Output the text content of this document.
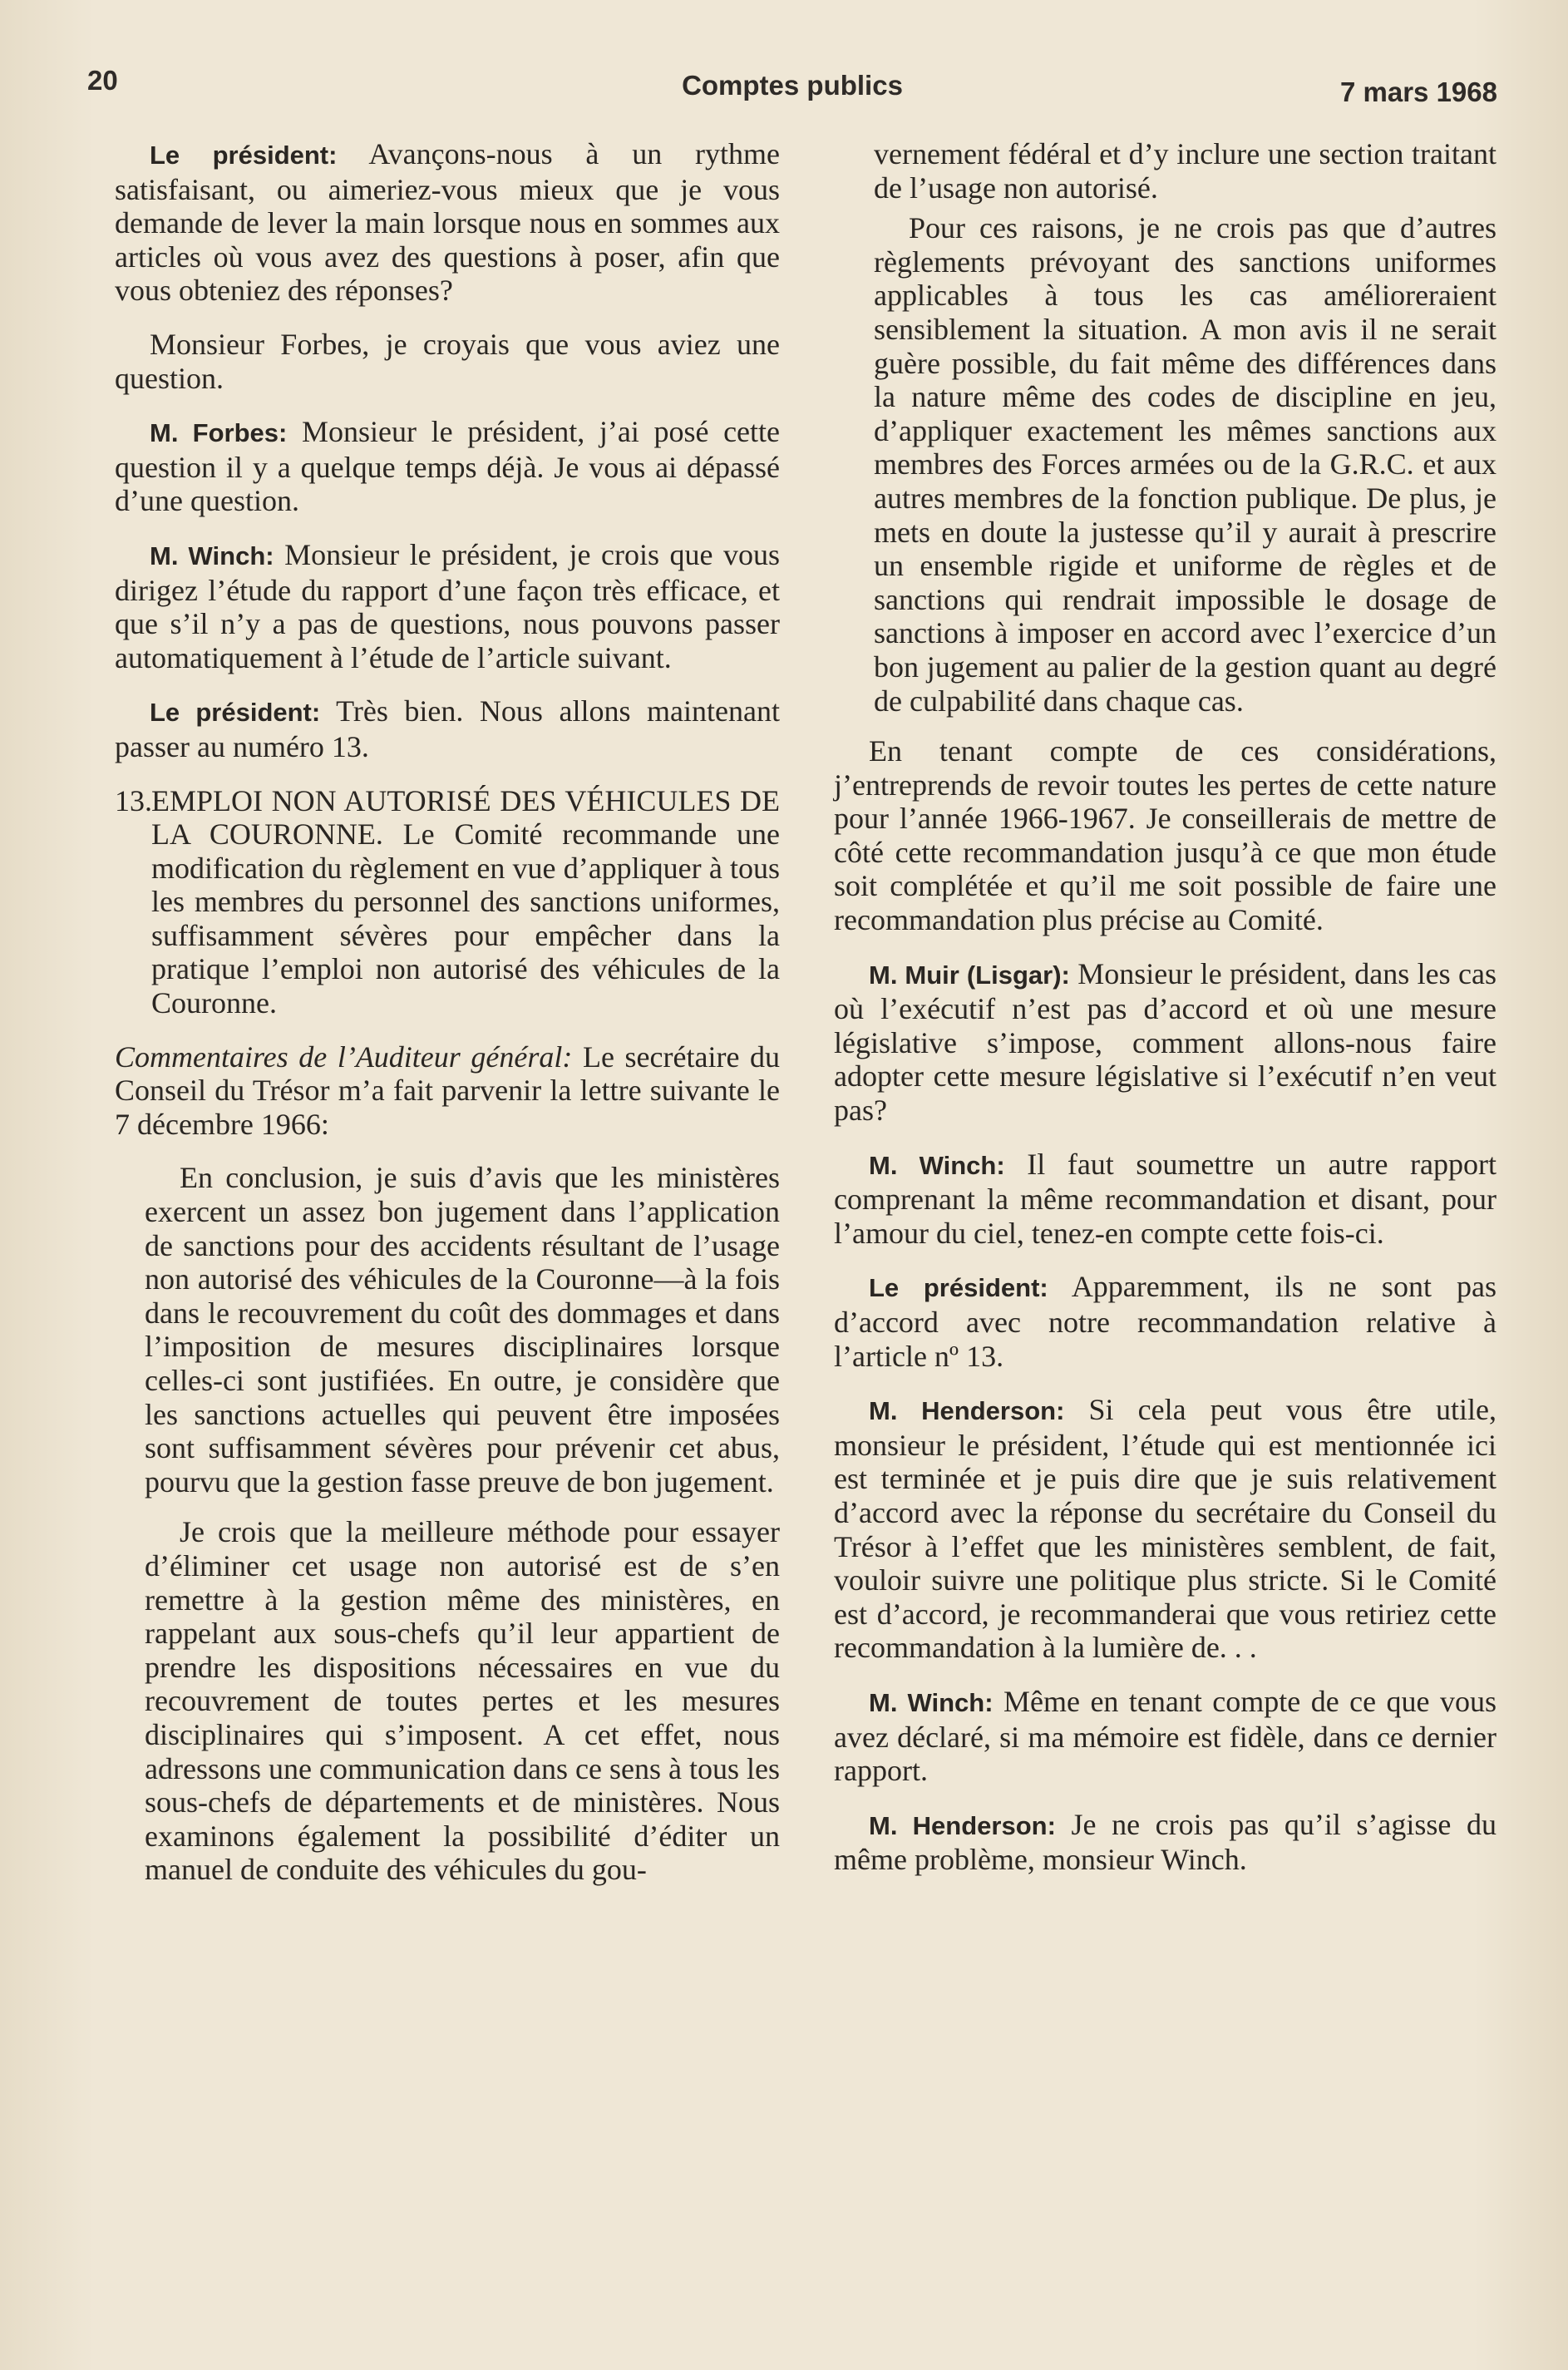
20	Comptes publics	7 mars 1968

Le président: Avançons-nous à un rythme satisfaisant, ou aimeriez-vous mieux que je vous demande de lever la main lorsque nous en sommes aux articles où vous avez des questions à poser, afin que vous obteniez des réponses?

Monsieur Forbes, je croyais que vous aviez une question.

M. Forbes: Monsieur le président, j’ai posé cette question il y a quelque temps déjà. Je vous ai dépassé d’une question.

M. Winch: Monsieur le président, je crois que vous dirigez l’étude du rapport d’une façon très efficace, et que s’il n’y a pas de questions, nous pouvons passer automatiquement à l’étude de l’article suivant.

Le président: Très bien. Nous allons maintenant passer au numéro 13.

13.EMPLOI NON AUTORISÉ DES VÉHICULES DE LA COURONNE. Le Comité recommande une modification du règlement en vue d’appliquer à tous les membres du personnel des sanctions uniformes, suffisamment sévères pour empêcher dans la pratique l’emploi non autorisé des véhicules de la Couronne.

Commentaires de l’Auditeur général: Le secrétaire du Conseil du Trésor m’a fait parvenir la lettre suivante le 7 décembre 1966:

En conclusion, je suis d’avis que les ministères exercent un assez bon jugement dans l’application de sanctions pour des accidents résultant de l’usage non autorisé des véhicules de la Couronne—à la fois dans le recouvrement du coût des dommages et dans l’imposition de mesures disciplinaires lorsque celles-ci sont justifiées. En outre, je considère que les sanctions actuelles qui peuvent être imposées sont suffisamment sévères pour prévenir cet abus, pourvu que la gestion fasse preuve de bon jugement.

Je crois que la meilleure méthode pour essayer d’éliminer cet usage non autorisé est de s’en remettre à la gestion même des ministères, en rappelant aux sous-chefs qu’il leur appartient de prendre les dispositions nécessaires en vue du recouvrement de toutes pertes et les mesures disciplinaires qui s’imposent. A cet effet, nous adressons une communication dans ce sens à tous les sous-chefs de départements et de ministères. Nous examinons également la possibilité d’éditer un manuel de conduite des véhicules du gou-

vernement fédéral et d’y inclure une section traitant de l’usage non autorisé.

Pour ces raisons, je ne crois pas que d’autres règlements prévoyant des sanctions uniformes applicables à tous les cas amélioreraient sensiblement la situation. A mon avis il ne serait guère possible, du fait même des différences dans la nature même des codes de discipline en jeu, d’appliquer exactement les mêmes sanctions aux membres des Forces armées ou de la G.R.C. et aux autres membres de la fonction publique. De plus, je mets en doute la justesse qu’il y aurait à prescrire un ensemble rigide et uniforme de règles et de sanctions qui rendrait impossible le dosage de sanctions à imposer en accord avec l’exercice d’un bon jugement au palier de la gestion quant au degré de culpabilité dans chaque cas.

En tenant compte de ces considérations, j’entreprends de revoir toutes les pertes de cette nature pour l’année 1966-1967. Je conseillerais de mettre de côté cette recommandation jusqu’à ce que mon étude soit complétée et qu’il me soit possible de faire une recommandation plus précise au Comité.

M. Muir (Lisgar): Monsieur le président, dans les cas où l’exécutif n’est pas d’accord et où une mesure législative s’impose, comment allons-nous faire adopter cette mesure législative si l’exécutif n’en veut pas?

M. Winch: Il faut soumettre un autre rapport comprenant la même recommandation et disant, pour l’amour du ciel, tenez-en compte cette fois-ci.

Le président: Apparemment, ils ne sont pas d’accord avec notre recommandation relative à l’article nº 13.

M. Henderson: Si cela peut vous être utile, monsieur le président, l’étude qui est mentionnée ici est terminée et je puis dire que je suis relativement d’accord avec la réponse du secrétaire du Conseil du Trésor à l’effet que les ministères semblent, de fait, vouloir suivre une politique plus stricte. Si le Comité est d’accord, je recommanderai que vous retiriez cette recommandation à la lumière de. . .

M. Winch: Même en tenant compte de ce que vous avez déclaré, si ma mémoire est fidèle, dans ce dernier rapport.

M. Henderson: Je ne crois pas qu’il s’agisse du même problème, monsieur Winch.
